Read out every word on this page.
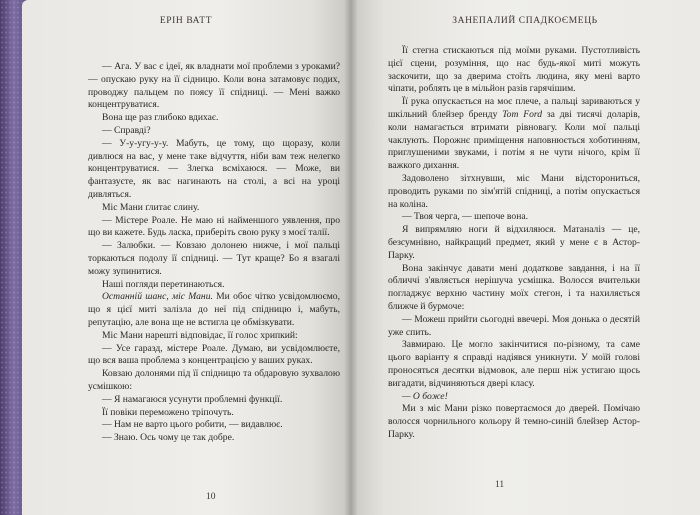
ЕРІН ВАТТ

— Ага. У вас є ідеї, як владнати мої проблеми з уроками? — опускаю руку на її сідницю. Коли вона затамовує подих, проводжу пальцем по поясу її спідниці. — Мені важко концентруватися.

Вона ще раз глибоко вдихає.

— Справді?

— У-у-угу-у-у. Мабуть, це тому, що щоразу, коли дивлюся на вас, у мене таке відчуття, ніби вам теж нелегко концентруватися. — Злегка всміхаюся. — Може, ви фантазуєте, як вас нагинають на столі, а всі на уроці дивляться.

Міс Мани ґлитає слину.

— Містере Роале. Не маю ні найменшого уявлення, про що ви кажете. Будь ласка, приберіть свою руку з моєї талії.

— Залюбки. — Ковзаю долонею нижче, і мої пальці торкаються подолу її спідниці. — Тут краще? Бо я взагалі можу зупинитися.

Наші погляди перетинаються.

Останній шанс, міс Мани. Ми обоє чітко усвідомлюємо, що я цієї миті залізла до неї під спідницю і, мабуть, репутацію, але вона ще не встигла це обмізкувати.

Міс Мани нарешті відповідає, її голос хрипкий:

— Усе гаразд, містере Роале. Думаю, ви усвідомлюєте, що вся ваша проблема з концентрацією у ваших руках.

Ковзаю долонями під її спідницю та обдаровую зухвалою усмішкою:

— Я намагаюся усунути проблемні функції.

Її повіки переможено тріпочуть.

— Нам не варто цього робити, — видавлює.

— Знаю. Ось чому це так добре.

10
ЗАНЕПАЛИЙ СПАДКОЄМЕЦЬ

Її стегна стискаються під моїми руками. Пустотливість цієї сцени, розуміння, що нас будь-якої миті можуть заскочити, що за дверима стоїть людина, яку мені варто чіпати, роблять це в мільйон разів гарячішим.

Її рука опускається на моє плече, а пальці зариваються у шкільний блейзер бренду Tom Ford за дві тисячі доларів, коли намагається втримати рівновагу. Коли мої пальці чаклують. Порожнє приміщення наповнюється хоботинням, приглушеними звуками, і потім я не чути нічого, крім її важкого дихання.

Задоволено зітхнувши, міс Мани відсторониться, проводить руками по зім'ятій спідниці, а потім опускається на коліна.

— Твоя черга, — шепоче вона.

Я випрямляю ноги й відхиляюся. Матаналіз — це, безсумнівно, найкращий предмет, який у мене є в Астор-Парку.

Вона закінчує давати мені додаткове завдання, і на її обличчі з'являється нерішуча усмішка. Волосся вчительки погладжує верхню частину моїх стегон, і та нахиляється ближче й бурмоче:

— Можеш прийти сьогодні ввечері. Моя донька о десятій уже спить.

Завмираю. Це могло закінчитися по-різному, та саме цього варіанту я справді надіявся уникнути. У моїй голові проносяться десятки відмовок, але перш ніж устигаю щось вигадати, відчиняються двері класу.

— О боже!

Ми з міс Мани різко повертаємося до дверей. Помічаю волосся чорнильного кольору й темно-синій блейзер Астор-Парку.

11
